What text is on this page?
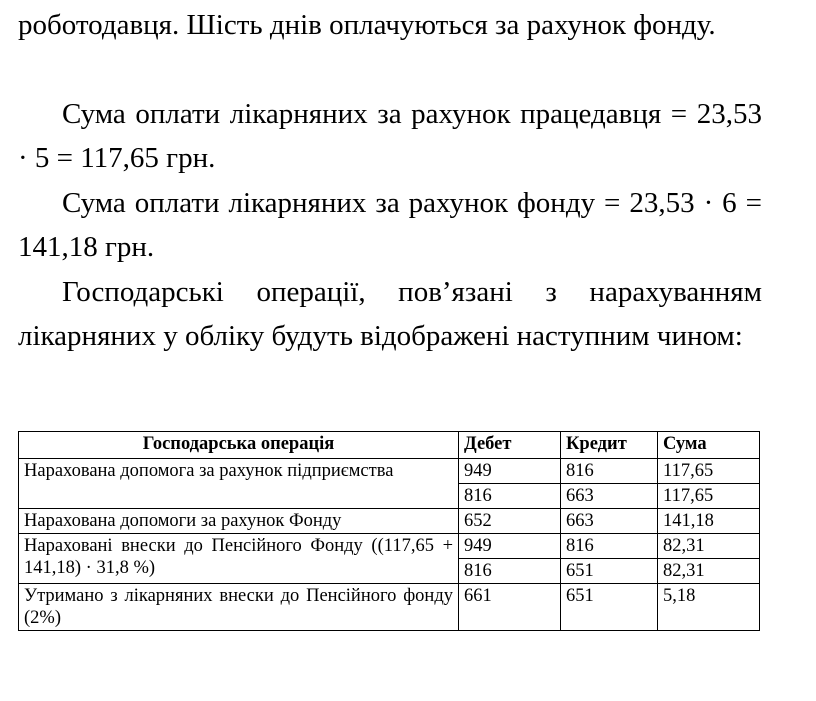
роботодавця. Шість днів оплачуються за рахунок фонду.

Сума оплати лікарняних за рахунок працедавця = 23,53 · 5 = 117,65 грн.

Сума оплати лікарняних за рахунок фонду = 23,53 · 6 = 141,18 грн.

Господарські операції, пов’язані з нарахуванням лікарняних у обліку будуть відображені наступним чином:

Господарська операція	Дебет	Кредит	Сума
Нарахована допомога за рахунок підприємства	949	816	117,65
	816	663	117,65
Нарахована допомоги за рахунок Фонду	652	663	141,18
Нараховані внески до Пенсійного Фонду ((117,65 + 141,18) · 31,8 %)	949	816	82,31
	816	651	82,31
Утримано з лікарняних внески до Пенсійного фонду (2%)	661	651	5,18
